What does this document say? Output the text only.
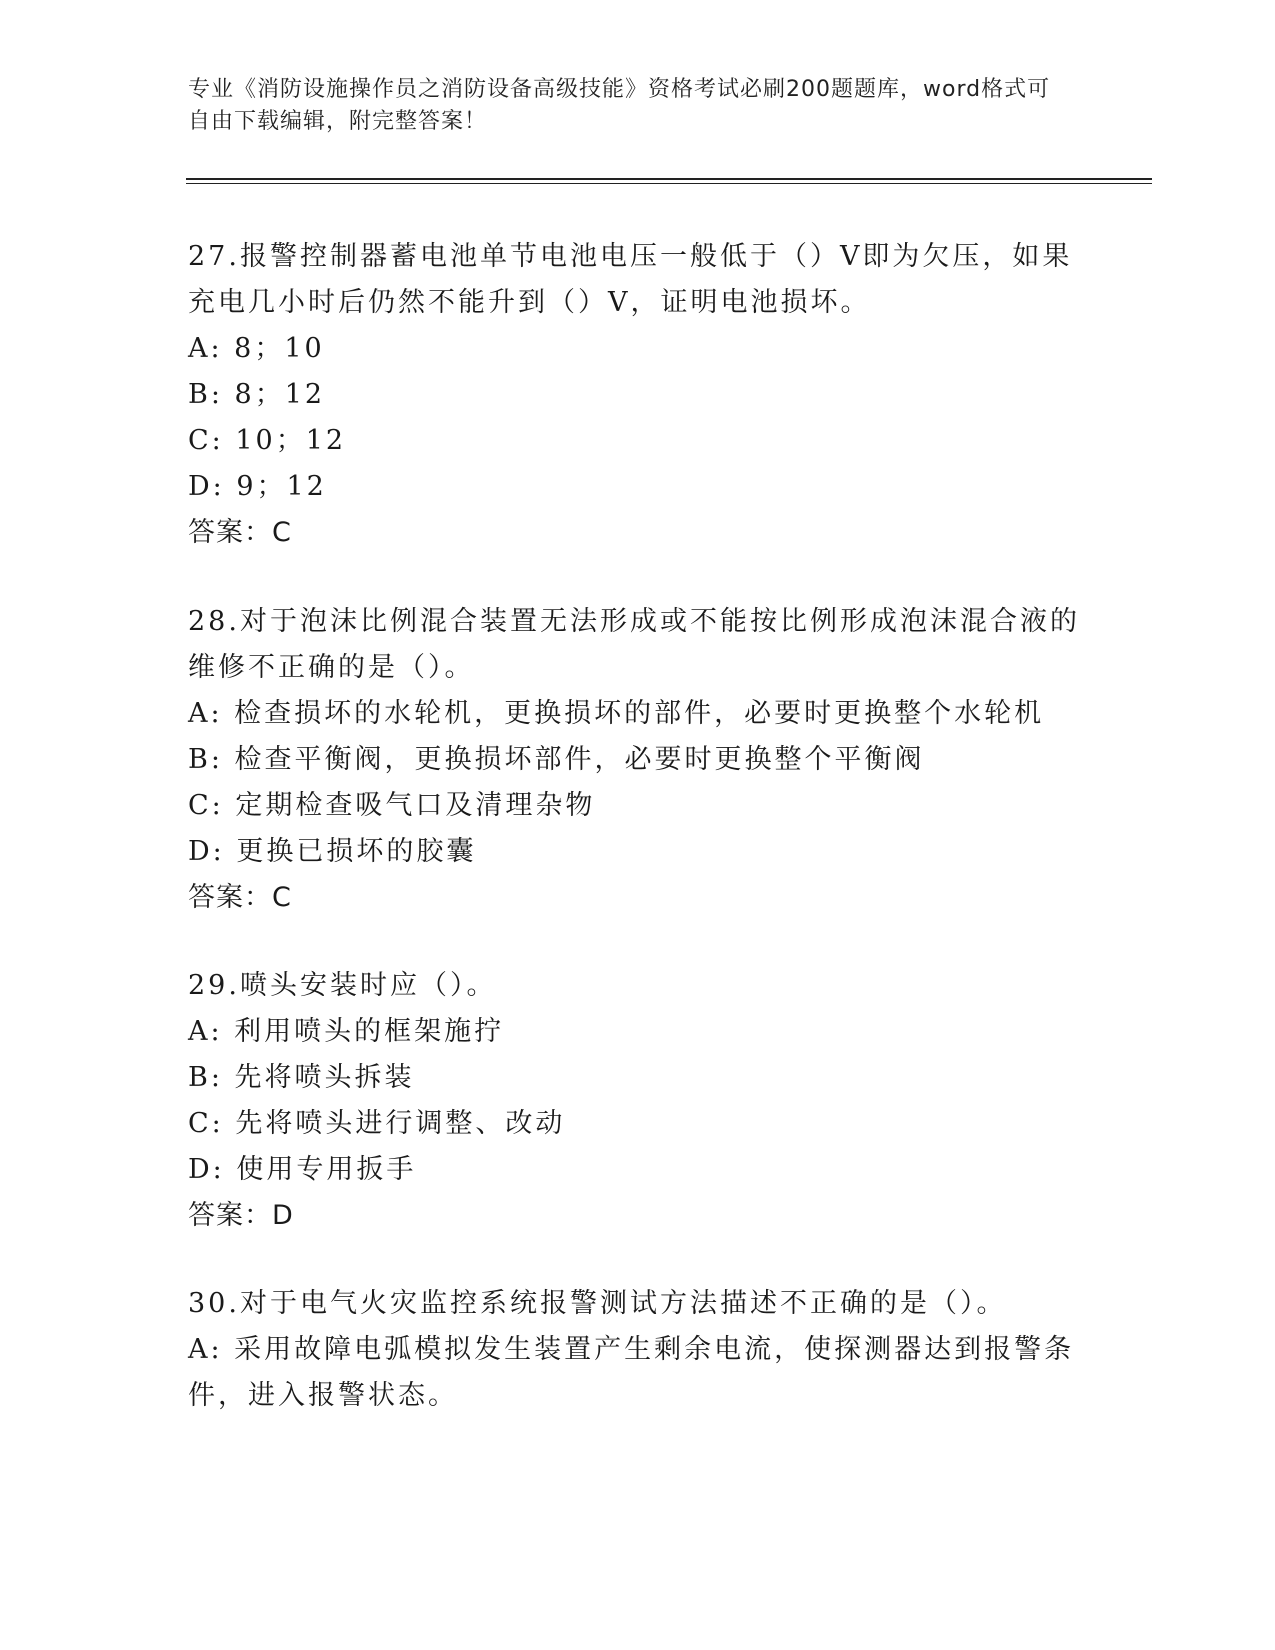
专业《消防设施操作员之消防设备高级技能》资格考试必刷200题题库，word格式可自由下载编辑，附完整答案！
27.报警控制器蓄电池单节电池电压一般低于（）V即为欠压，如果充电几小时后仍然不能升到（）V，证明电池损坏。
A: 8；10
B: 8；12
C: 10；12
D: 9；12
答案：C
28.对于泡沫比例混合装置无法形成或不能按比例形成泡沫混合液的维修不正确的是（）。
A: 检查损坏的水轮机，更换损坏的部件，必要时更换整个水轮机
B: 检查平衡阀，更换损坏部件，必要时更换整个平衡阀
C: 定期检查吸气口及清理杂物
D: 更换已损坏的胶囊
答案：C
29.喷头安装时应（）。
A: 利用喷头的框架施拧
B: 先将喷头拆装
C: 先将喷头进行调整、改动
D: 使用专用扳手
答案：D
30.对于电气火灾监控系统报警测试方法描述不正确的是（）。
A: 采用故障电弧模拟发生装置产生剩余电流，使探测器达到报警条件，进入报警状态。
